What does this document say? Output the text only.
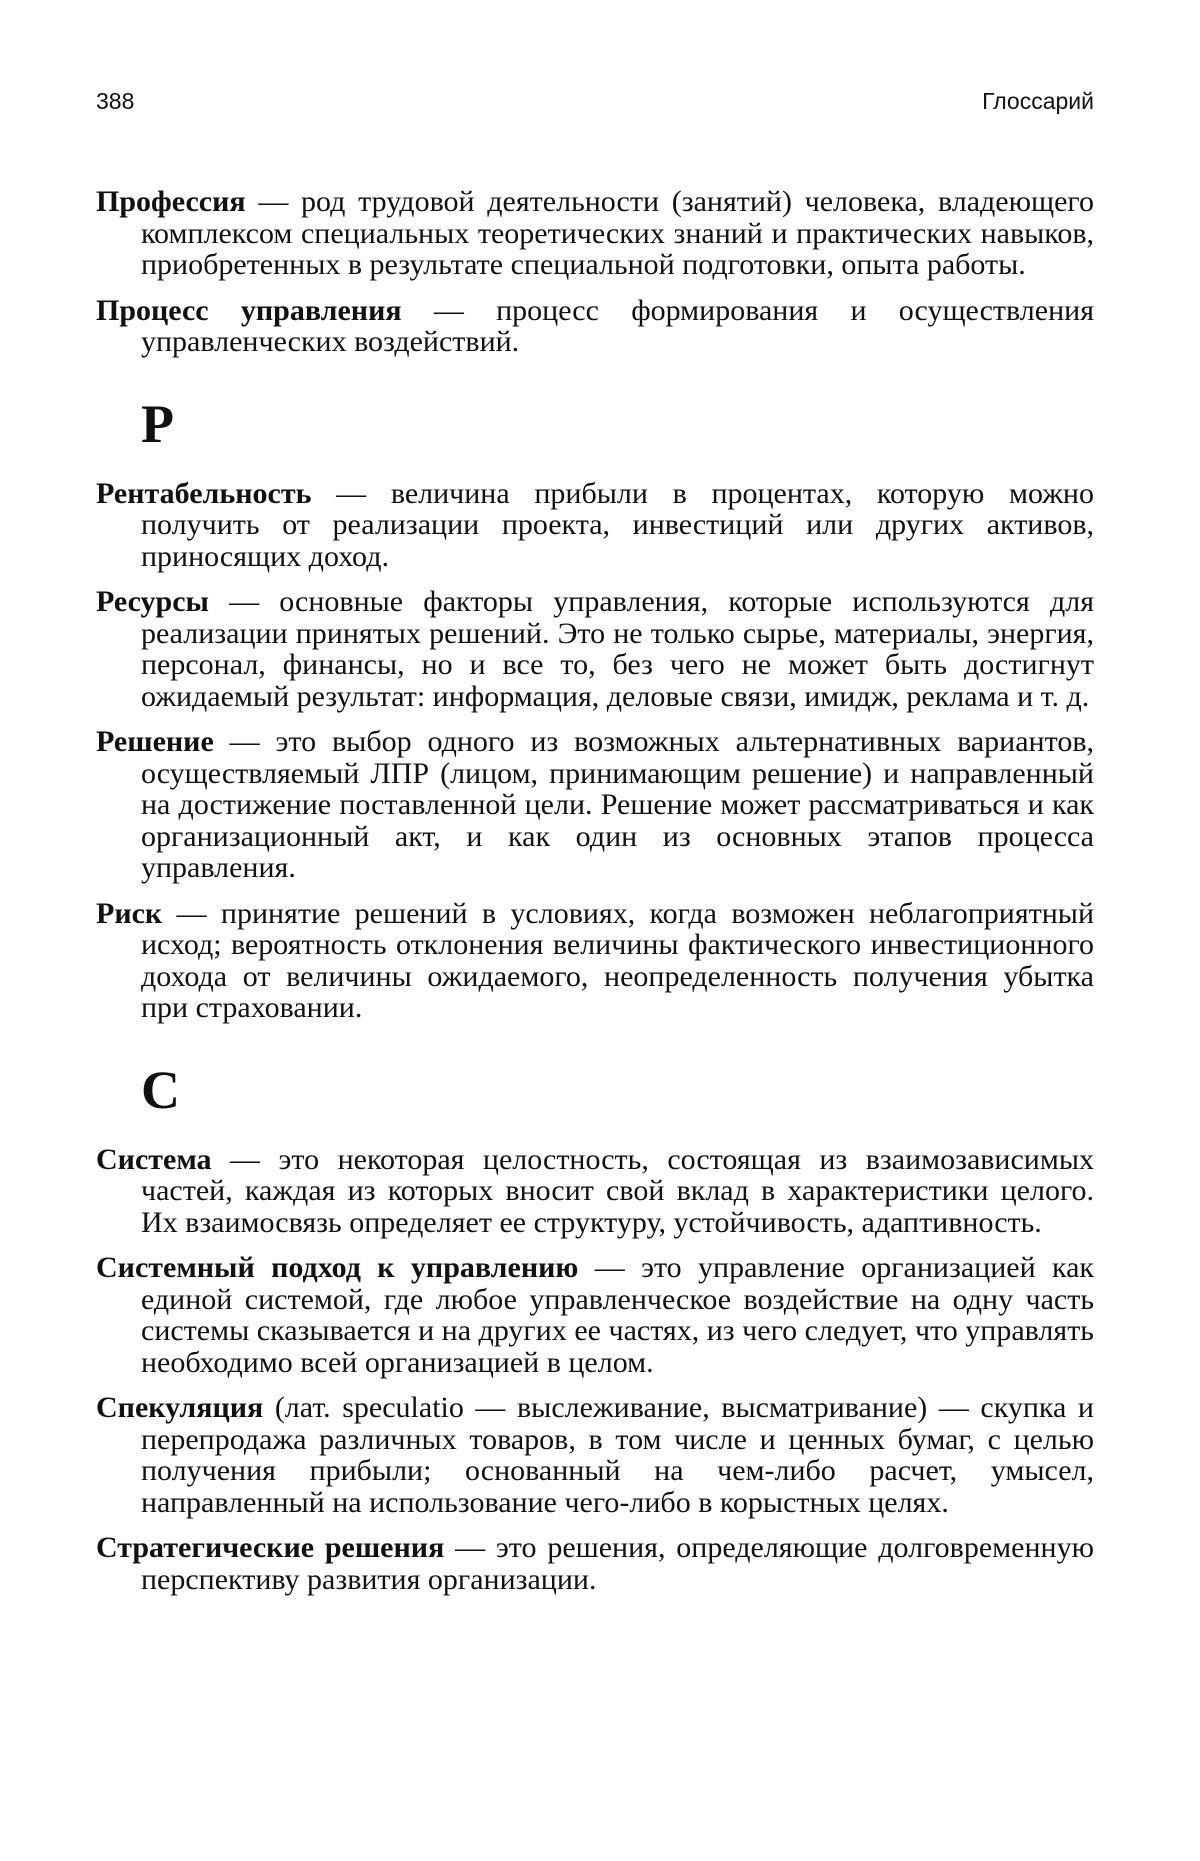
388	Глоссарий

Профессия — род трудовой деятельности (занятий) человека, владеющего комплексом специальных теоретических знаний и практических навыков, приобретенных в результате специальной подготовки, опыта работы.

Процесс управления — процесс формирования и осуществления управленческих воздействий.

Р

Рентабельность — величина прибыли в процентах, которую можно получить от реализации проекта, инвестиций или других активов, приносящих доход.

Ресурсы — основные факторы управления, которые используются для реализации принятых решений. Это не только сырье, материалы, энергия, персонал, финансы, но и все то, без чего не может быть достигнут ожидаемый результат: информация, деловые связи, имидж, реклама и т. д.

Решение — это выбор одного из возможных альтернативных вариантов, осуществляемый ЛПР (лицом, принимающим решение) и направленный на достижение поставленной цели. Решение может рассматриваться и как организационный акт, и как один из основных этапов процесса управления.

Риск — принятие решений в условиях, когда возможен неблагоприятный исход; вероятность отклонения величины фактического инвестиционного дохода от величины ожидаемого, неопределенность получения убытка при страховании.

С

Система — это некоторая целостность, состоящая из взаимозависимых частей, каждая из которых вносит свой вклад в характеристики целого. Их взаимосвязь определяет ее структуру, устойчивость, адаптивность.

Системный подход к управлению — это управление организацией как единой системой, где любое управленческое воздействие на одну часть системы сказывается и на других ее частях, из чего следует, что управлять необходимо всей организацией в целом.

Спекуляция (лат. speculatio — выслеживание, высматривание) — скупка и перепродажа различных товаров, в том числе и ценных бумаг, с целью получения прибыли; основанный на чем-либо расчет, умысел, направленный на использование чего-либо в корыстных целях.

Стратегические решения — это решения, определяющие долговременную перспективу развития организации.
